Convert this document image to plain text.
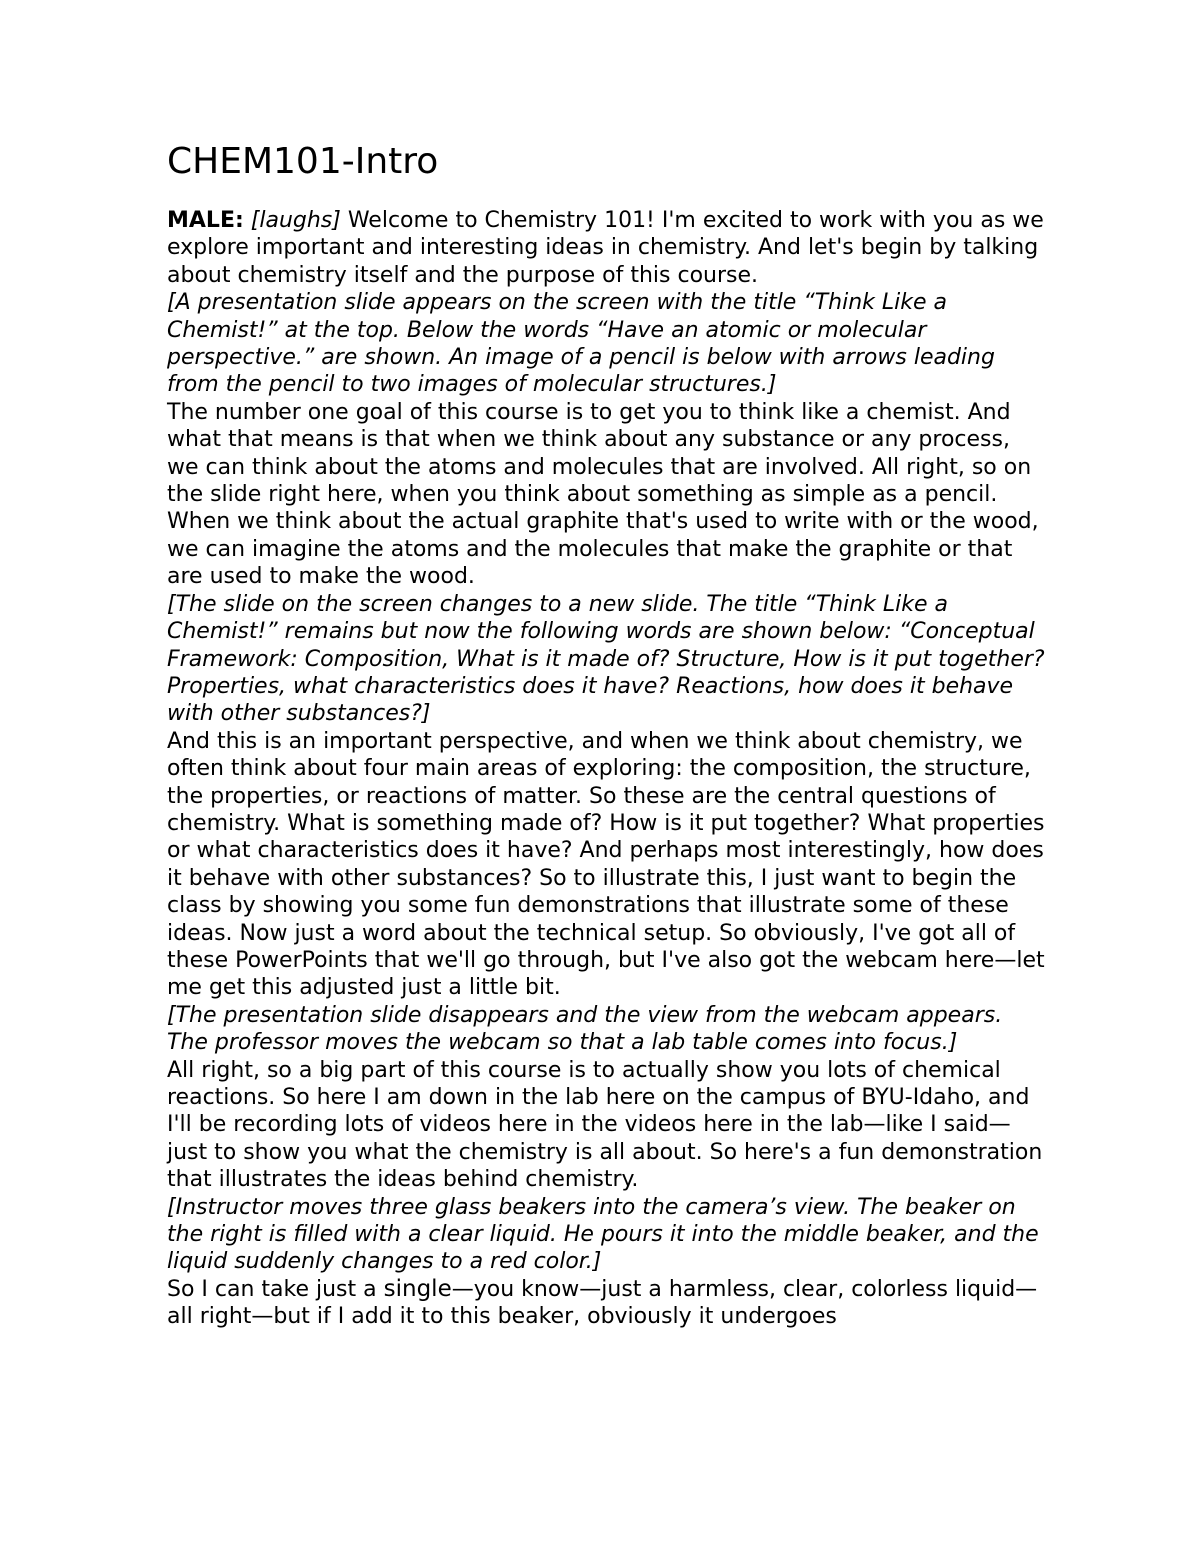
CHEM101-Intro

MALE: [laughs] Welcome to Chemistry 101! I'm excited to work with you as we explore important and interesting ideas in chemistry. And let's begin by talking about chemistry itself and the purpose of this course.

[A presentation slide appears on the screen with the title “Think Like a Chemist!” at the top. Below the words “Have an atomic or molecular perspective.” are shown. An image of a pencil is below with arrows leading from the pencil to two images of molecular structures.]

The number one goal of this course is to get you to think like a chemist. And what that means is that when we think about any substance or any process, we can think about the atoms and molecules that are involved. All right, so on the slide right here, when you think about something as simple as a pencil. When we think about the actual graphite that's used to write with or the wood, we can imagine the atoms and the molecules that make the graphite or that are used to make the wood.

[The slide on the screen changes to a new slide. The title “Think Like a Chemist!” remains but now the following words are shown below: “Conceptual Framework: Composition, What is it made of? Structure, How is it put together? Properties, what characteristics does it have? Reactions, how does it behave with other substances?]

And this is an important perspective, and when we think about chemistry, we often think about four main areas of exploring: the composition, the structure, the properties, or reactions of matter. So these are the central questions of chemistry. What is something made of? How is it put together? What properties or what characteristics does it have? And perhaps most interestingly, how does it behave with other substances? So to illustrate this, I just want to begin the class by showing you some fun demonstrations that illustrate some of these ideas. Now just a word about the technical setup. So obviously, I've got all of these PowerPoints that we'll go through, but I've also got the webcam here—let me get this adjusted just a little bit.

[The presentation slide disappears and the view from the webcam appears. The professor moves the webcam so that a lab table comes into focus.]

All right, so a big part of this course is to actually show you lots of chemical reactions. So here I am down in the lab here on the campus of BYU-Idaho, and I'll be recording lots of videos here in the videos here in the lab—like I said—just to show you what the chemistry is all about. So here's a fun demonstration that illustrates the ideas behind chemistry.

[Instructor moves three glass beakers into the camera’s view. The beaker on the right is filled with a clear liquid. He pours it into the middle beaker, and the liquid suddenly changes to a red color.]

So I can take just a single—you know—just a harmless, clear, colorless liquid—all right—but if I add it to this beaker, obviously it undergoes
